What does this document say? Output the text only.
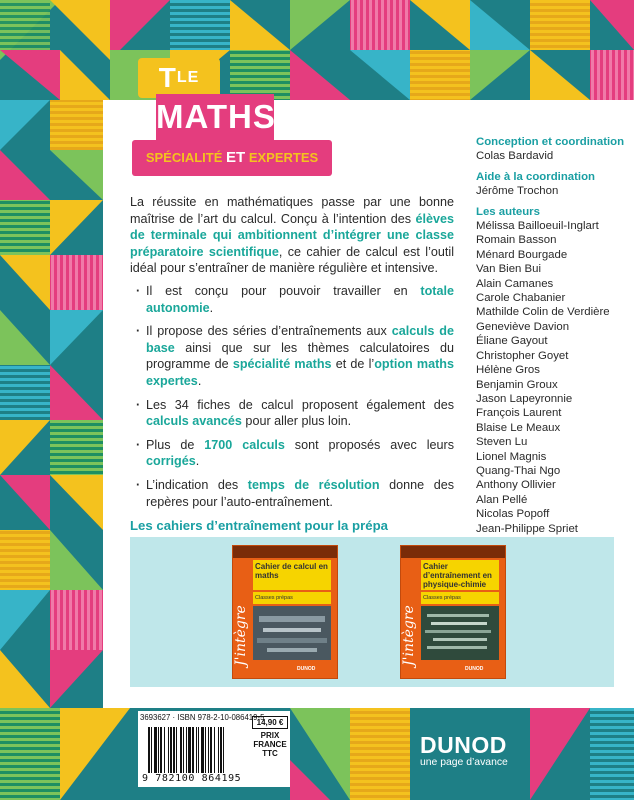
$T^{LE}$
MATHS
SPÉCIALITÉ ET EXPERTES

La réussite en mathématiques passe par une bonne maîtrise de l’art du calcul. Conçu à l’intention des élèves de terminale qui ambitionnent d’intégrer une classe préparatoire scientifique, ce cahier de calcul est l’outil idéal pour s’entraîner de manière régulière et intensive.

· Il est conçu pour pouvoir travailler en totale autonomie.
· Il propose des séries d’entraînements aux calculs de base ainsi que sur les thèmes calculatoires du programme de spécialité maths et de l’option maths expertes.
· Les 34 fiches de calcul proposent également des calculs avancés pour aller plus loin.
· Plus de 1700 calculs sont proposés avec leurs corrigés.
· L’indication des temps de résolution donne des repères pour l’auto-entraînement.
Conception et coordination
Colas Bardavid
Aide à la coordination
Jérôme Trochon
Les auteurs
Mélissa Bailloeuil-Inglart
Romain Basson
Ménard Bourgade
Van Bien Bui
Alain Camanes
Carole Chabanier
Mathilde Colin de Verdière
Geneviève Davion
Éliane Gayout
Christopher Goyet
Hélène Gros
Benjamin Groux
Jason Lapeyronnie
François Laurent
Blaise Le Meaux
Steven Lu
Lionel Magnis
Quang-Thai Ngo
Anthony Ollivier
Alan Pellé
Nicolas Popoff
Jean-Philippe Spriet
Les cahiers d’entraînement pour la prépa
Cahier de calcul en maths
Classes prépas
J'intègre
DUNOD
Cahier d’entraînement en physique-chimie
Classes prépas
J'intègre
DUNOD
3693627 · ISBN 978-2-10-086419-5
9 782100 864195
14,90 €
PRIX
FRANCE
TTC	DUNOD
une page d’avance
